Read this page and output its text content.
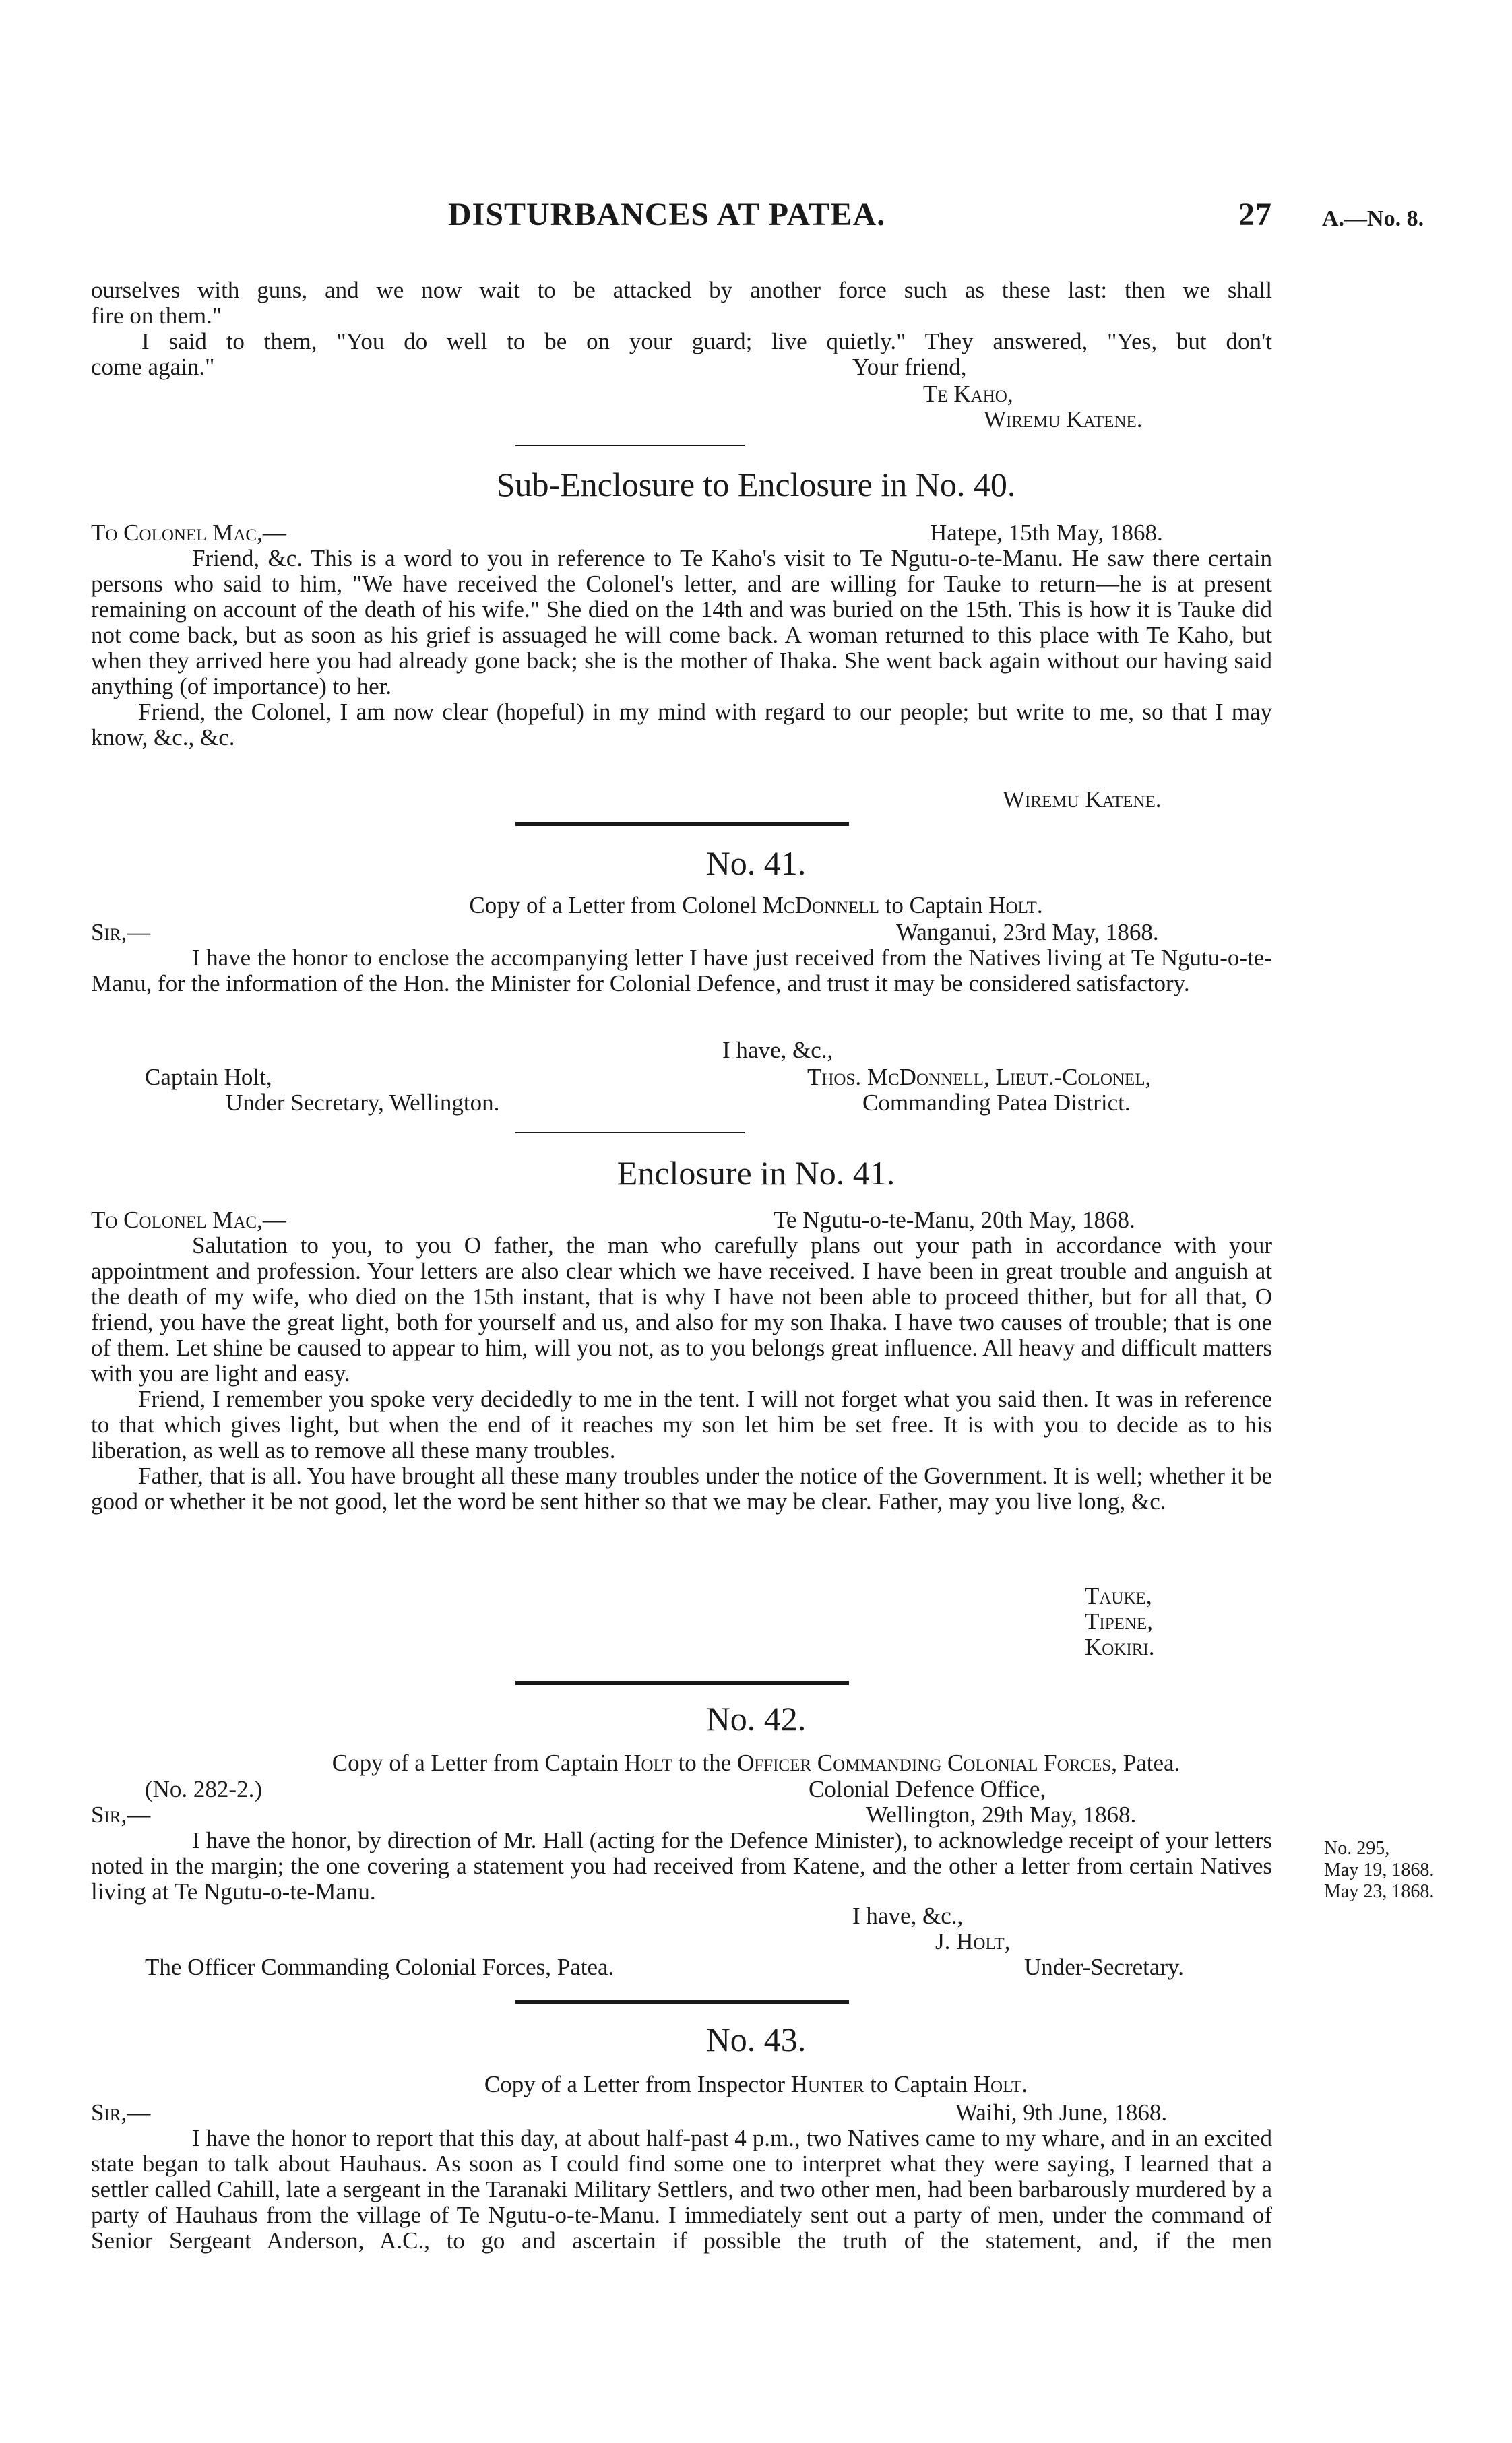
DISTURBANCES AT PATEA.	27 A.—No. 8.

ourselves with guns, and we now wait to be attacked by another force such as these last: then we shall

fire on them."

I said to them, "You do well to be on your guard; live quietly." They answered, "Yes, but don't

come again."	Your friend,
Te Kaho,
Wiremu Katene.
Sub-Enclosure to Enclosure in No. 40.
To Colonel Mac,—	Hatepe, 15th May, 1868.

Friend, &c. This is a word to you in reference to Te Kaho's visit to Te Ngutu-o-te-Manu. He saw there certain persons who said to him, "We have received the Colonel's letter, and are willing for Tauke to return—he is at present remaining on account of the death of his wife." She died on the 14th and was buried on the 15th. This is how it is Tauke did not come back, but as soon as his grief is assuaged he will come back. A woman returned to this place with Te Kaho, but when they arrived here you had already gone back; she is the mother of Ihaka. She went back again without our having said anything (of importance) to her.

Friend, the Colonel, I am now clear (hopeful) in my mind with regard to our people; but write to me, so that I may know, &c., &c.

Wiremu Katene.
No. 41.
Copy of a Letter from Colonel McDonnell to Captain Holt.
Sir,—	Wanganui, 23rd May, 1868.

I have the honor to enclose the accompanying letter I have just received from the Natives living at Te Ngutu-o-te-Manu, for the information of the Hon. the Minister for Colonial Defence, and trust it may be considered satisfactory.

I have, &c.,
Captain Holt,
Under Secretary, Wellington.
Thos. McDonnell, Lieut.-Colonel,
Commanding Patea District.
Enclosure in No. 41.
To Colonel Mac,—	Te Ngutu-o-te-Manu, 20th May, 1868.

Salutation to you, to you O father, the man who carefully plans out your path in accordance with your appointment and profession. Your letters are also clear which we have received. I have been in great trouble and anguish at the death of my wife, who died on the 15th instant, that is why I have not been able to proceed thither, but for all that, O friend, you have the great light, both for yourself and us, and also for my son Ihaka. I have two causes of trouble; that is one of them. Let shine be caused to appear to him, will you not, as to you belongs great influence. All heavy and difficult matters with you are light and easy.

Friend, I remember you spoke very decidedly to me in the tent. I will not forget what you said then. It was in reference to that which gives light, but when the end of it reaches my son let him be set free. It is with you to decide as to his liberation, as well as to remove all these many troubles.

Father, that is all. You have brought all these many troubles under the notice of the Government. It is well; whether it be good or whether it be not good, let the word be sent hither so that we may be clear. Father, may you live long, &c.

Tauke,
Tipene,
Kokiri.
No. 42.
Copy of a Letter from Captain Holt to the Officer Commanding Colonial Forces, Patea.
(No. 282-2.)	Colonial Defence Office,
Sir,—	Wellington, 29th May, 1868.

I have the honor, by direction of Mr. Hall (acting for the Defence Minister), to acknowledge receipt of your letters noted in the margin; the one covering a statement you had received from Katene, and the other a letter from certain Natives living at Te Ngutu-o-te-Manu.

No. 295,
May 19, 1868.
May 23, 1868.
I have, &c.,
J. Holt,
The Officer Commanding Colonial Forces, Patea.	Under-Secretary.
No. 43.
Copy of a Letter from Inspector Hunter to Captain Holt.
Sir,—	Waihi, 9th June, 1868.

I have the honor to report that this day, at about half-past 4 p.m., two Natives came to my whare, and in an excited state began to talk about Hauhaus. As soon as I could find some one to interpret what they were saying, I learned that a settler called Cahill, late a sergeant in the Taranaki Military Settlers, and two other men, had been barbarously murdered by a party of Hauhaus from the village of Te Ngutu-o-te-Manu. I immediately sent out a party of men, under the command of Senior Sergeant Anderson, A.C., to go and ascertain if possible the truth of the statement, and, if the men
